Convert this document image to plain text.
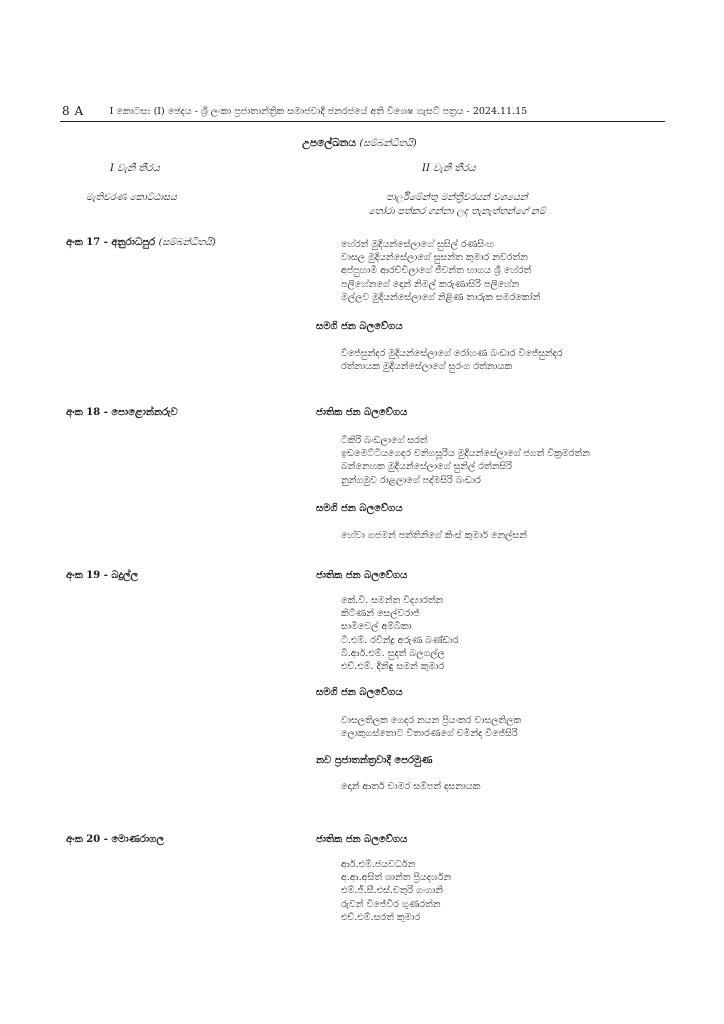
8 A	I කොටස: (I) ඡෙදය - ශ්‍රී ලංකා ප්‍රජාතාන්ත්‍රික සමාජවාදී ජනරජයේ අති විශෙෂ ගැසට් පත්‍රය - 2024.11.15
උපලේඛනය (සම්බන්ධිතයි)
I වැනි තීරය	II වැනි තීරය
මැතිවරණ කොට්ඨාසය	පාර්ලිමේන්තු මන්ත්‍රීවරයන් වශයෙන්
තෝරා පත්කර ගන්නා ලද තැනැත්තන්ගේ නම්
අංක 17 - අනුරාධපුර (සම්බන්ධිතයි)	හේරත් මුදියන්සේලාගේ සුසිල් රණසිංහ
වාසල මුදියන්සේලාගේ සුසන්ත කුමාර නවරත්න
අප්පුහාමි ආරච්චිලාගේ ජීවන්ත භාගය ශ්‍රී හේරත්
පලිහේනගේ දොන් නිමල් කරුණාසිරි පලිහේන
මල්ලව මුදියන්සේලාගේ නිළිණ තාරුක සමරකෝන්
සමගි ජන බලවේගය
විජේසුන්දර මුදියන්සේලාගේ රෝහණ බංඩාර විජේසුන්දර
රත්නායක මුදියන්සේලාගේ සුරංග රත්නායක
අංක 18 - පොළොන්නරුව	ජාතික ජන බලවේගය
ටිකිරි බංඩලාගේ සරත්
ඉඩමෙට්ටියගෙදර වනිගසූරිය මුදියන්සේලාගේ ජගත් වික්‍රමරත්න
බන්නෙහක මුදියන්සේලාගේ සුනිල් රත්නසිරි
නුන්ගමුව රාළලාගේ පද්මසිරි බංඩාර
සමගි ජන බලවේගය
හේවා ගජමන් පත්තිනිගේ කිංස් කුමාර් නෙල්සන්
අංක 19 - බදුල්ල	ජාතික ජන බලවේගය
කේ.වී. සමන්ත විද්‍යාරත්න
කිට්ණන් සෙල්වරාජ්
සාමිවෙල් අම්බිකා
ටී.එම්. රවීන්ද්‍ර අරුණ බණ්ඩාර
බී.ආර්.එම්. සුදත් බලගල්ල
එච්.එම්. දිනිඳු සමන් කුමාර
සමගි ජන බලවේගය
වාසලතිලක ගෙදර නයන ප්‍රියංකර වාසලතිලක
ලොකුගස්තොට විතාරණගේ චමින්ද විජේසිරි
නව ප්‍රජාතන්ත්‍රවාදී පෙරමුණ
දොන් ආතර් චාමර සම්පත් දසනායක
අංක 20 - මොණරාගල	ජාතික ජන බලවේගය
ආර්.එම්.ජයවර්ධන
අ.ආ.අසිත් ශාන්ත ප්‍රියදර්ශන
එම්.ජී.සී.එස්.චතුරි ගංගානි
රුවන් විජේවීර ගුණරත්න
එච්.එම්.සරත් කුමාර
